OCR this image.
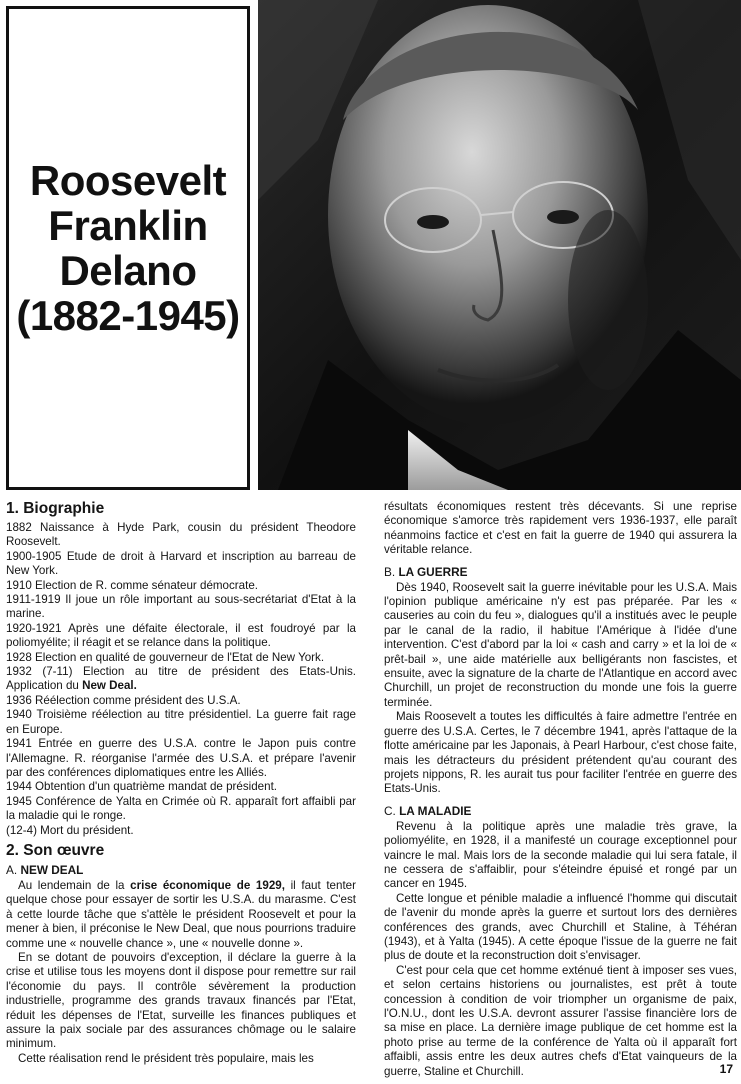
Roosevelt
Franklin
Delano
(1882-1945)
1. Biographie

1882 Naissance à Hyde Park, cousin du président Theodore Roosevelt.

1900-1905 Etude de droit à Harvard et inscription au barreau de New York.

1910 Election de R. comme sénateur démocrate.

1911-1919 Il joue un rôle important au sous-secrétariat d'Etat à la marine.

1920-1921 Après une défaite électorale, il est foudroyé par la poliomyélite; il réagit et se relance dans la politique.

1928 Election en qualité de gouverneur de l'Etat de New York.

1932 (7-11) Election au titre de président des Etats-Unis. Application du New Deal.

1936 Réélection comme président des U.S.A.

1940 Troisième réélection au titre présidentiel. La guerre fait rage en Europe.

1941 Entrée en guerre des U.S.A. contre le Japon puis contre l'Allemagne. R. réorganise l'armée des U.S.A. et prépare l'avenir par des conférences diplomatiques entre les Alliés.

1944 Obtention d'un quatrième mandat de président.

1945 Conférence de Yalta en Crimée où R. apparaît fort affaibli par la maladie qui le ronge.

(12-4) Mort du président.

2. Son œuvre
A. NEW DEAL

Au lendemain de la crise économique de 1929, il faut tenter quelque chose pour essayer de sortir les U.S.A. du marasme. C'est à cette lourde tâche que s'attèle le président Roosevelt et pour la mener à bien, il préconise le New Deal, que nous pourrions traduire comme une « nouvelle chance », une « nouvelle donne ».

En se dotant de pouvoirs d'exception, il déclare la guerre à la crise et utilise tous les moyens dont il dispose pour remettre sur rail l'économie du pays. Il contrôle sévèrement la production industrielle, programme des grands travaux financés par l'Etat, réduit les dépenses de l'Etat, surveille les finances publiques et assure la paix sociale par des assurances chômage ou le salaire minimum.

Cette réalisation rend le président très populaire, mais les

résultats économiques restent très décevants. Si une reprise économique s'amorce très rapidement vers 1936-1937, elle paraît néanmoins factice et c'est en fait la guerre de 1940 qui assurera la véritable relance.

B. LA GUERRE

Dès 1940, Roosevelt sait la guerre inévitable pour les U.S.A. Mais l'opinion publique américaine n'y est pas préparée. Par les « causeries au coin du feu », dialogues qu'il a institués avec le peuple par le canal de la radio, il habitue l'Amérique à l'idée d'une intervention. C'est d'abord par la loi « cash and carry » et la loi de « prêt-bail », une aide matérielle aux belligérants non fascistes, et ensuite, avec la signature de la charte de l'Atlantique en accord avec Churchill, un projet de reconstruction du monde une fois la guerre terminée.

Mais Roosevelt a toutes les difficultés à faire admettre l'entrée en guerre des U.S.A. Certes, le 7 décembre 1941, après l'attaque de la flotte américaine par les Japonais, à Pearl Harbour, c'est chose faite, mais les détracteurs du président prétendent qu'au courant des projets nippons, R. les aurait tus pour faciliter l'entrée en guerre des Etats-Unis.

C. LA MALADIE

Revenu à la politique après une maladie très grave, la poliomyélite, en 1928, il a manifesté un courage exceptionnel pour vaincre le mal. Mais lors de la seconde maladie qui lui sera fatale, il ne cessera de s'affaiblir, pour s'éteindre épuisé et rongé par un cancer en 1945.

Cette longue et pénible maladie a influencé l'homme qui discutait de l'avenir du monde après la guerre et surtout lors des dernières conférences des grands, avec Churchill et Staline, à Téhéran (1943), et à Yalta (1945). A cette époque l'issue de la guerre ne fait plus de doute et la reconstruction doit s'envisager.

C'est pour cela que cet homme exténué tient à imposer ses vues, et selon certains historiens ou journalistes, est prêt à toute concession à condition de voir triompher un organisme de paix, l'O.N.U., dont les U.S.A. devront assurer l'assise financière lors de sa mise en place. La dernière image publique de cet homme est la photo prise au terme de la conférence de Yalta où il apparaît fort affaibli, assis entre les deux autres chefs d'Etat vainqueurs de la guerre, Staline et Churchill.	17
